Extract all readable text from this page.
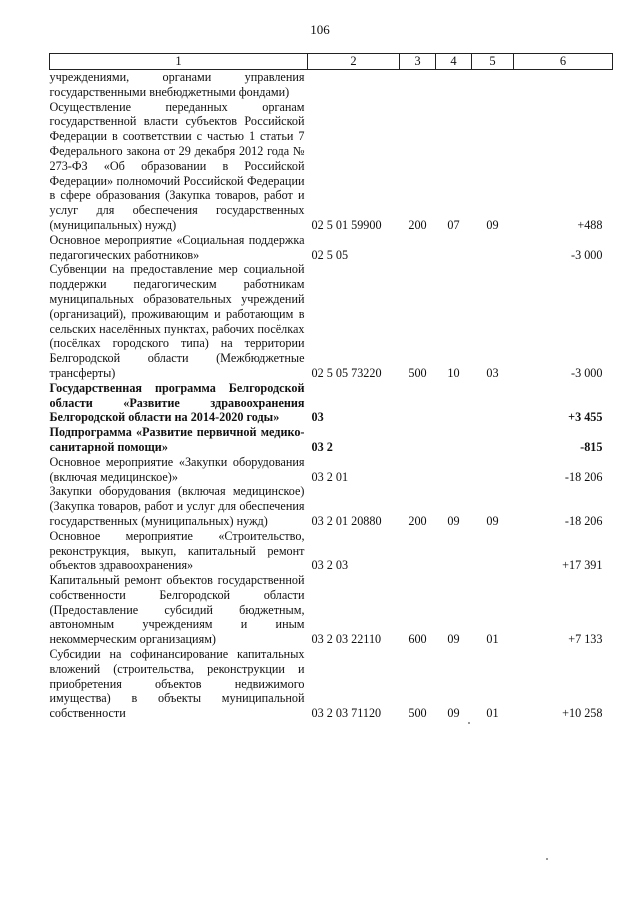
106
1	2	3	4	5	6
учреждениями, органами управления государственными внебюджетными фондами)					
Осуществление переданных органам государственной власти субъектов Российской Федерации в соответствии с частью 1 статьи 7 Федерального закона от 29 декабря 2012 года № 273-ФЗ «Об образовании в Российской Федерации» полномочий Российской Федерации в сфере образования (Закупка товаров, работ и услуг для обеспечения государственных (муниципальных) нужд)	02 5 01 59900	200	07	09	+488
Основное мероприятие «Социальная поддержка педагогических работников»	02 5 05				-3 000
Субвенции на предоставление мер социальной поддержки педагогическим работникам муниципальных образовательных учреждений (организаций), проживающим и работающим в сельских населённых пунктах, рабочих посёлках (посёлках городского типа) на территории Белгородской области (Межбюджетные трансферты)	02 5 05 73220	500	10	03	-3 000
Государственная программа Белгородской области «Развитие здравоохранения Белгородской области на 2014-2020 годы»	03				+3 455
Подпрограмма «Развитие первичной медико-санитарной помощи»	03 2				-815
Основное мероприятие «Закупки оборудования (включая медицинское)»	03 2 01				-18 206
Закупки оборудования (включая медицинское) (Закупка товаров, работ и услуг для обеспечения государственных (муниципальных) нужд)	03 2 01 20880	200	09	09	-18 206
Основное мероприятие «Строительство, реконструкция, выкуп, капитальный ремонт объектов здравоохранения»	03 2 03				+17 391
Капитальный ремонт объектов государственной собственности Белгородской области (Предоставление субсидий бюджетным, автономным учреждениям и иным некоммерческим организациям)	03 2 03 22110	600	09	01	+7 133
Субсидии на софинансирование капитальных вложений (строительства, реконструкции и приобретения объектов недвижимого имущества) в объекты муниципальной собственности	03 2 03 71120	500	09	01	+10 258
